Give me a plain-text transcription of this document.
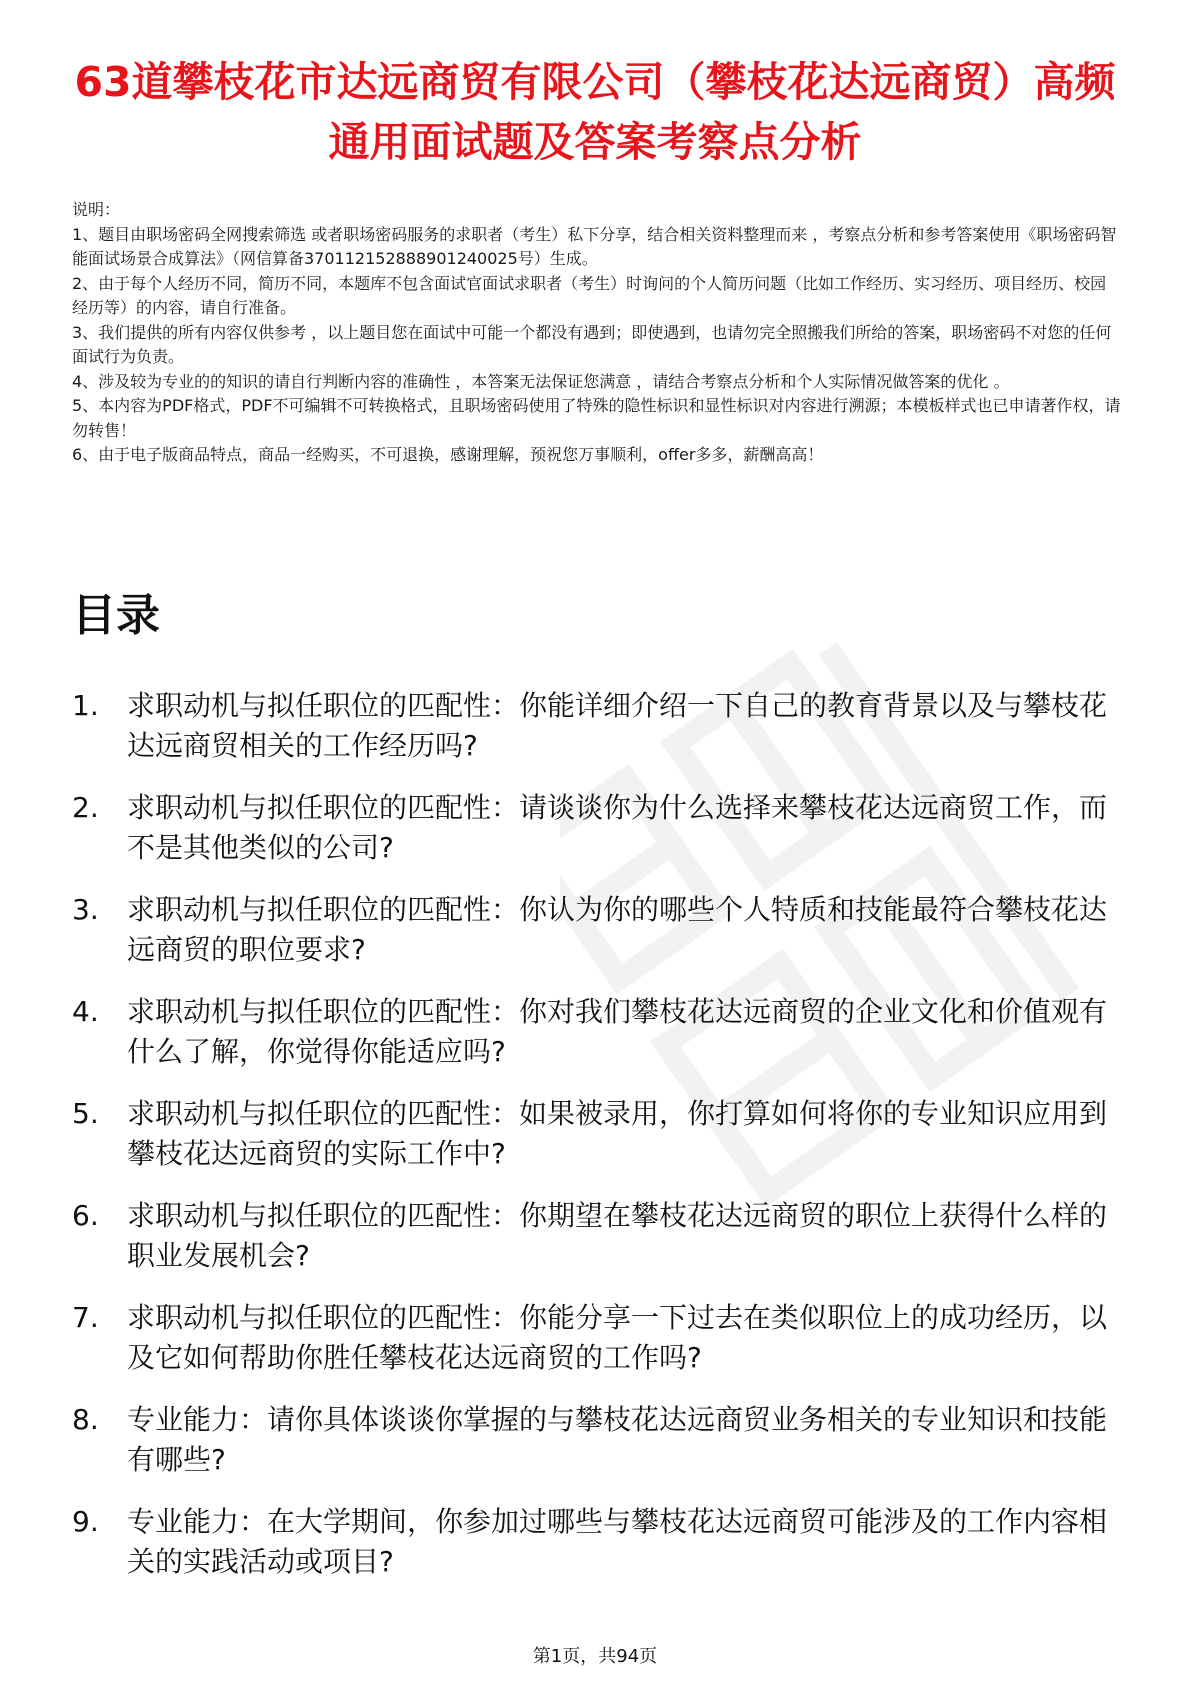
63道攀枝花市达远商贸有限公司（攀枝花达远商贸）高频通用面试题及答案考察点分析

说明：

1、题目由职场密码全网搜索筛选 或者职场密码服务的求职者（考生）私下分享，结合相关资料整理而来 ，考察点分析和参考答案使用《职场密码智能面试场景合成算法》（网信算备370112152888901240025号）生成。

2、由于每个人经历不同，简历不同，本题库不包含面试官面试求职者（考生）时询问的个人简历问题（比如工作经历、实习经历、项目经历、校园经历等）的内容，请自行准备。

3、我们提供的所有内容仅供参考 ，以上题目您在面试中可能一个都没有遇到；即使遇到，也请勿完全照搬我们所给的答案，职场密码不对您的任何面试行为负责。

4、涉及较为专业的的知识的请自行判断内容的准确性 ，本答案无法保证您满意 ，请结合考察点分析和个人实际情况做答案的优化 。

5、本内容为PDF格式，PDF不可编辑不可转换格式，且职场密码使用了特殊的隐性标识和显性标识对内容进行溯源；本模板样式也已申请著作权，请勿转售！

6、由于电子版商品特点，商品一经购买，不可退换，感谢理解，预祝您万事顺利，offer多多，薪酬高高！

目录
1.	求职动机与拟任职位的匹配性：你能详细介绍一下自己的教育背景以及与攀枝花达远商贸相关的工作经历吗?
2.	求职动机与拟任职位的匹配性：请谈谈你为什么选择来攀枝花达远商贸工作，而不是其他类似的公司?
3.	求职动机与拟任职位的匹配性：你认为你的哪些个人特质和技能最符合攀枝花达远商贸的职位要求?
4.	求职动机与拟任职位的匹配性：你对我们攀枝花达远商贸的企业文化和价值观有什么了解，你觉得你能适应吗?
5.	求职动机与拟任职位的匹配性：如果被录用，你打算如何将你的专业知识应用到攀枝花达远商贸的实际工作中?
6.	求职动机与拟任职位的匹配性：你期望在攀枝花达远商贸的职位上获得什么样的职业发展机会?
7.	求职动机与拟任职位的匹配性：你能分享一下过去在类似职位上的成功经历，以及它如何帮助你胜任攀枝花达远商贸的工作吗?
8.	专业能力：请你具体谈谈你掌握的与攀枝花达远商贸业务相关的专业知识和技能有哪些?
9.	专业能力：在大学期间，你参加过哪些与攀枝花达远商贸可能涉及的工作内容相关的实践活动或项目?
第1页，共94页
